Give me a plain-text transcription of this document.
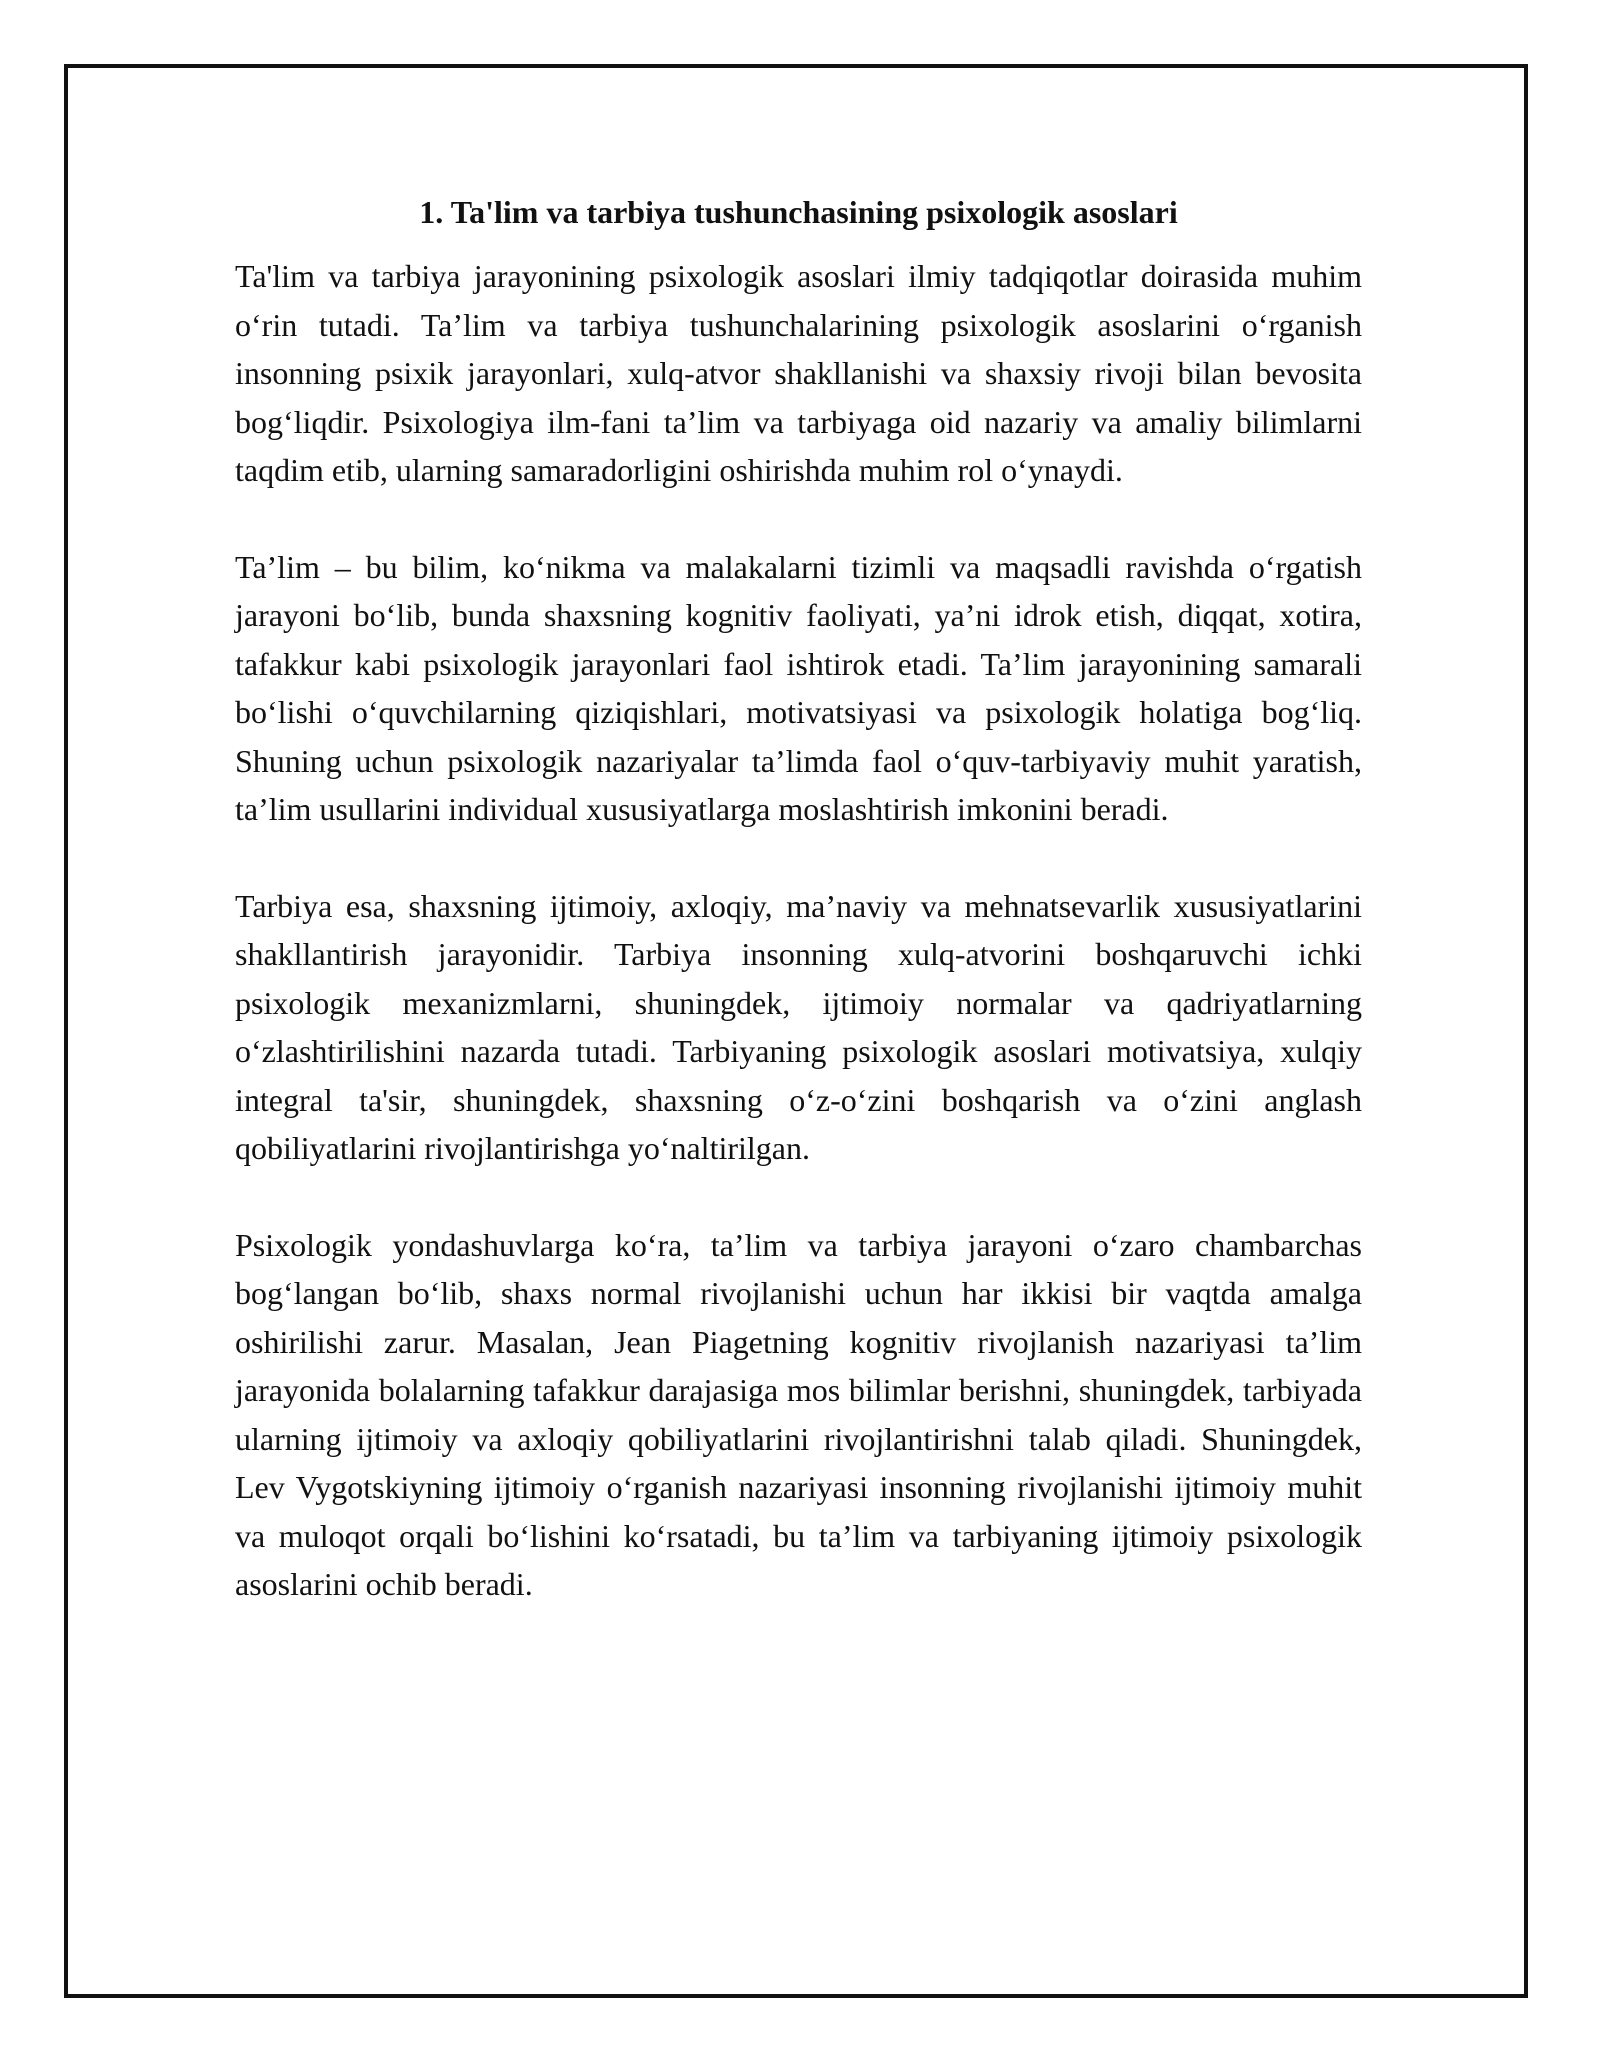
1. Ta'lim va tarbiya tushunchasining psixologik asoslari

Ta'lim va tarbiya jarayonining psixologik asoslari ilmiy tadqiqotlar doirasida muhim o‘rin tutadi. Ta’lim va tarbiya tushunchalarining psixologik asoslarini o‘rganish insonning psixik jarayonlari, xulq-atvor shakllanishi va shaxsiy rivoji bilan bevosita bog‘liqdir. Psixologiya ilm-fani ta’lim va tarbiyaga oid nazariy va amaliy bilimlarni taqdim etib, ularning samaradorligini oshirishda muhim rol o‘ynaydi.

Ta’lim – bu bilim, ko‘nikma va malakalarni tizimli va maqsadli ravishda o‘rgatish jarayoni bo‘lib, bunda shaxsning kognitiv faoliyati, ya’ni idrok etish, diqqat, xotira, tafakkur kabi psixologik jarayonlari faol ishtirok etadi. Ta’lim jarayonining samarali bo‘lishi o‘quvchilarning qiziqishlari, motivatsiyasi va psixologik holatiga bog‘liq. Shuning uchun psixologik nazariyalar ta’limda faol o‘quv-tarbiyaviy muhit yaratish, ta’lim usullarini individual xususiyatlarga moslashtirish imkonini beradi.

Tarbiya esa, shaxsning ijtimoiy, axloqiy, ma’naviy va mehnatsevarlik xususiyatlarini shakllantirish jarayonidir. Tarbiya insonning xulq-atvorini boshqaruvchi ichki psixologik mexanizmlarni, shuningdek, ijtimoiy normalar va qadriyatlarning o‘zlashtirilishini nazarda tutadi. Tarbiyaning psixologik asoslari motivatsiya, xulqiy integral ta'sir, shuningdek, shaxsning o‘z-o‘zini boshqarish va o‘zini anglash qobiliyatlarini rivojlantirishga yo‘naltirilgan.

Psixologik yondashuvlarga ko‘ra, ta’lim va tarbiya jarayoni o‘zaro chambarchas bog‘langan bo‘lib, shaxs normal rivojlanishi uchun har ikkisi bir vaqtda amalga oshirilishi zarur. Masalan, Jean Piagetning kognitiv rivojlanish nazariyasi ta’lim jarayonida bolalarning tafakkur darajasiga mos bilimlar berishni, shuningdek, tarbiyada ularning ijtimoiy va axloqiy qobiliyatlarini rivojlantirishni talab qiladi. Shuningdek, Lev Vygotskiyning ijtimoiy o‘rganish nazariyasi insonning rivojlanishi ijtimoiy muhit va muloqot orqali bo‘lishini ko‘rsatadi, bu ta’lim va tarbiyaning ijtimoiy psixologik asoslarini ochib beradi.
